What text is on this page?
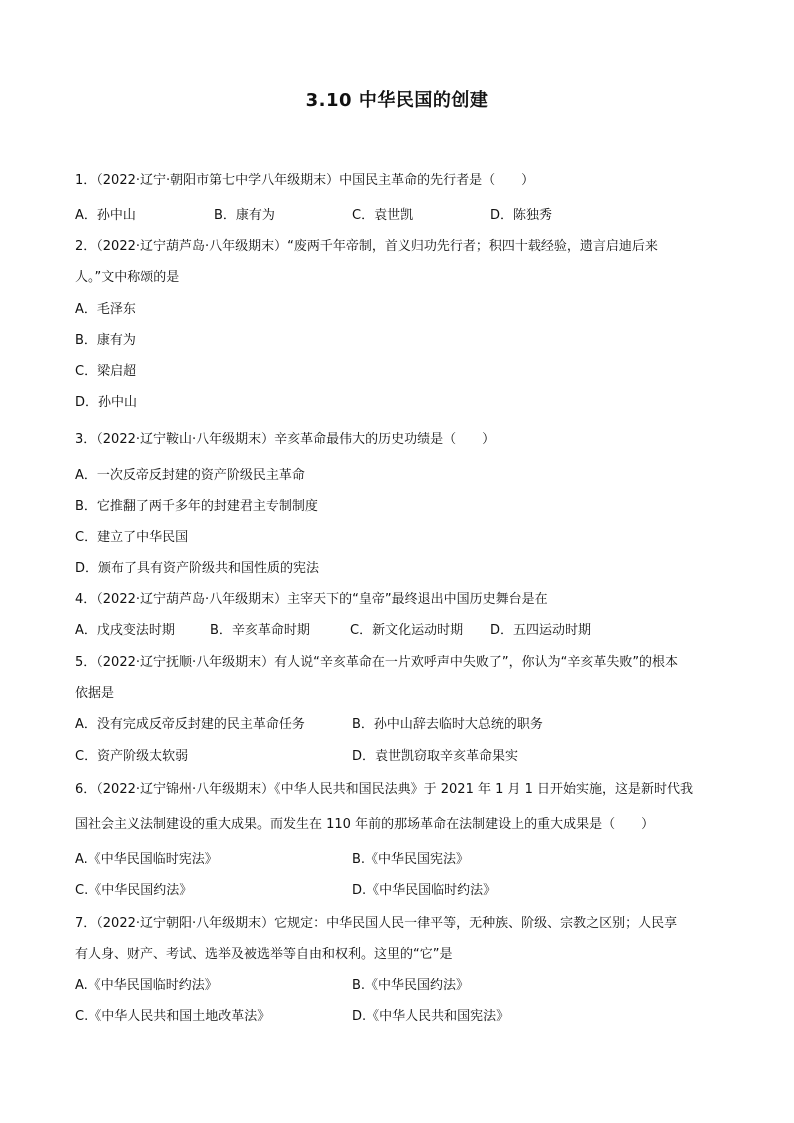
3.10 中华民国的创建
1．（2022·辽宁·朝阳市第七中学八年级期末）中国民主革命的先行者是（　　）
A．孙中山	B．康有为	C．袁世凯	D．陈独秀
2．（2022·辽宁葫芦岛·八年级期末）“废两千年帝制，首义归功先行者；积四十载经验，遗言启迪后来
人。”文中称颂的是
A．毛泽东
B．康有为
C．梁启超
D．孙中山
3．（2022·辽宁鞍山·八年级期末）辛亥革命最伟大的历史功绩是（　　）
A．一次反帝反封建的资产阶级民主革命
B．它推翻了两千多年的封建君主专制制度
C．建立了中华民国
D．颁布了具有资产阶级共和国性质的宪法
4．（2022·辽宁葫芦岛·八年级期末）主宰天下的“皇帝”最终退出中国历史舞台是在
A．戊戌变法时期	B．辛亥革命时期	C．新文化运动时期 D．五四运动时期
5．（2022·辽宁抚顺·八年级期末）有人说“辛亥革命在一片欢呼声中失败了”，你认为“辛亥革失败”的根本
依据是
A．没有完成反帝反封建的民主革命任务	B．孙中山辞去临时大总统的职务
C．资产阶级太软弱	D．袁世凯窃取辛亥革命果实
6．（2022·辽宁锦州·八年级期末）《中华人民共和国民法典》于 2021 年 1 月 1 日开始实施，这是新时代我
国社会主义法制建设的重大成果。而发生在 110 年前的那场革命在法制建设上的重大成果是（　　）
A.《中华民国临时宪法》	B.《中华民国宪法》
C.《中华民国约法》	D.《中华民国临时约法》
7．（2022·辽宁朝阳·八年级期末）它规定：中华民国人民一律平等，无种族、阶级、宗教之区别；人民享
有人身、财产、考试、选举及被选举等自由和权利。这里的“它”是
A.《中华民国临时约法》	B.《中华民国约法》
C.《中华人民共和国土地改革法》	D.《中华人民共和国宪法》
